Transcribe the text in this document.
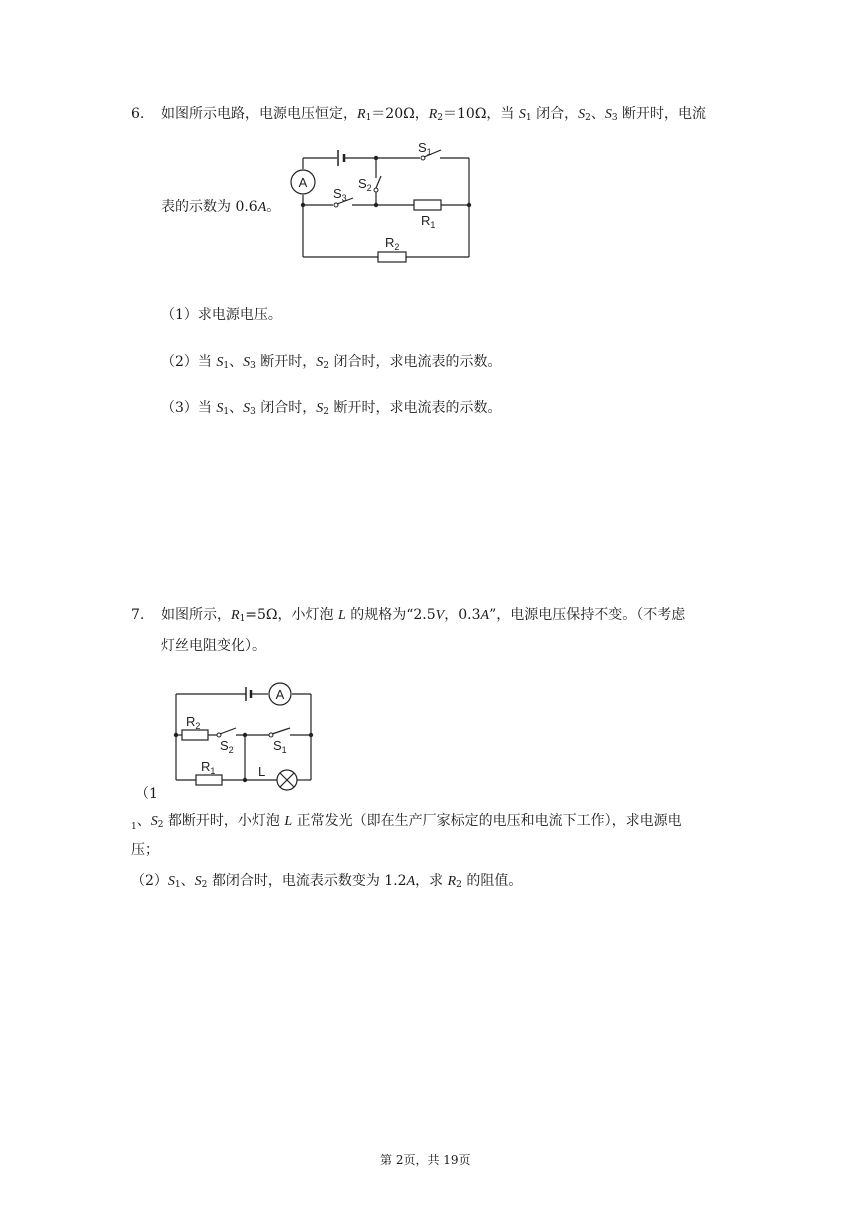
6. 如图所示电路，电源电压恒定，$R_1=20\Omega$，$R_2=10\Omega$，当 $S_1$ 闭合，$S_2$、$S_3$ 断开时，电流
表的示数为 0.6A。
A
$S_1$
$S_2$
$S_3$
$R_1$
$R_2$
（1）求电源电压。
（2）当 $S_1$、$S_3$ 断开时，$S_2$ 闭合时，求电流表的示数。
（3）当 $S_1$、$S_3$ 闭合时，$S_2$ 断开时，求电流表的示数。
7. 如图所示，$R_1=5\Omega$，小灯泡 L 的规格为“2.5V，0.3A”，电源电压保持不变。（不考虑
灯丝电阻变化）。
A
$R_2$
$S_2$	$S_1$
$R_1$	L
（1
$_1$、$S_2$ 都断开时，小灯泡 L 正常发光（即在生产厂家标定的电压和电流下工作），求电源电
压；
$(2)S_1$、$S_2$ 都闭合时，电流表示数变为 1.2A，求 $R_2$ 的阻值。
第 2页，共 19页
